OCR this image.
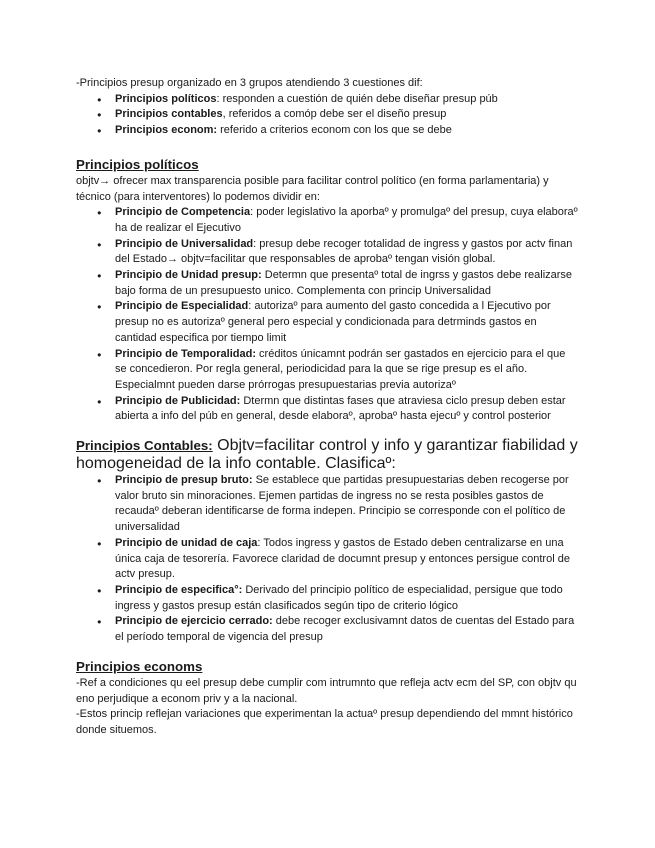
-Principios presup organizado en 3 grupos atendiendo 3 cuestiones dif:

● Principios políticos: responden a cuestión de quién debe diseñar presup púb
● Principios contables, referidos a comóp debe ser el diseño presup
● Principios econom: referido a criterios econom con los que se debe
Principios políticos

objtv→ ofrecer max transparencia posible para facilitar control político (en forma parlamentaria) y técnico (para interventores) lo podemos dividir en:

● Principio de Competencia: poder legislativo la aporbaº y promulgaº del presup, cuya elaboraº ha de realizar el Ejecutivo
● Principio de Universalidad: presup debe recoger totalidad de ingress y gastos por actv finan del Estado→ objtv=facilitar que responsables de aprobaº tengan visión global.
● Principio de Unidad presup: Determn que presentaº total de ingrss y gastos debe realizarse bajo forma de un presupuesto unico. Complementa con princip Universalidad
● Principio de Especialidad: autorizaº para aumento del gasto concedida a l Ejecutivo por presup no es autorizaº general pero especial y condicionada para detrminds gastos en cantidad especifica por tiempo limit
● Principio de Temporalidad: créditos únicamnt podrán ser gastados en ejercicio para el que se concedieron. Por regla general, periodicidad para la que se rige presup es el año. Especialmnt pueden darse prórrogas presupuestarias previa autorizaº
● Principio de Publicidad: Dtermn que distintas fases que atraviesa ciclo presup deben estar abierta a info del púb en general, desde elaboraº, aprobaº hasta ejecuº y control posterior

Principios Contables: Objtv=facilitar control y info y garantizar fiabilidad y homogeneidad de la info contable. Clasificaº:

● Principio de presup bruto: Se establece que partidas presupuestarias deben recogerse por valor bruto sin minoraciones. Ejemen partidas de ingress no se resta posibles gastos de recaudaº deberan identificarse de forma indepen. Principio se corresponde con el político de universalidad
● Principio de unidad de caja: Todos ingress y gastos de Estado deben centralizarse en una única caja de tesorería. Favorece claridad de documnt presup y entonces persigue control de actv presup.
● Principio de especifica°: Derivado del principio político de especialidad, persigue que todo ingress y gastos presup están clasificados según tipo de criterio lógico
● Principio de ejercicio cerrado: debe recoger exclusivamnt datos de cuentas del Estado para el período temporal de vigencia del presup
Principios economs

-Ref a condiciones qu eel presup debe cumplir com intrumnto que refleja actv ecm del SP, con objtv qu eno perjudique a econom priv y a la nacional.

-Estos princip reflejan variaciones que experimentan la actuaº presup dependiendo del mmnt histórico donde situemos.
